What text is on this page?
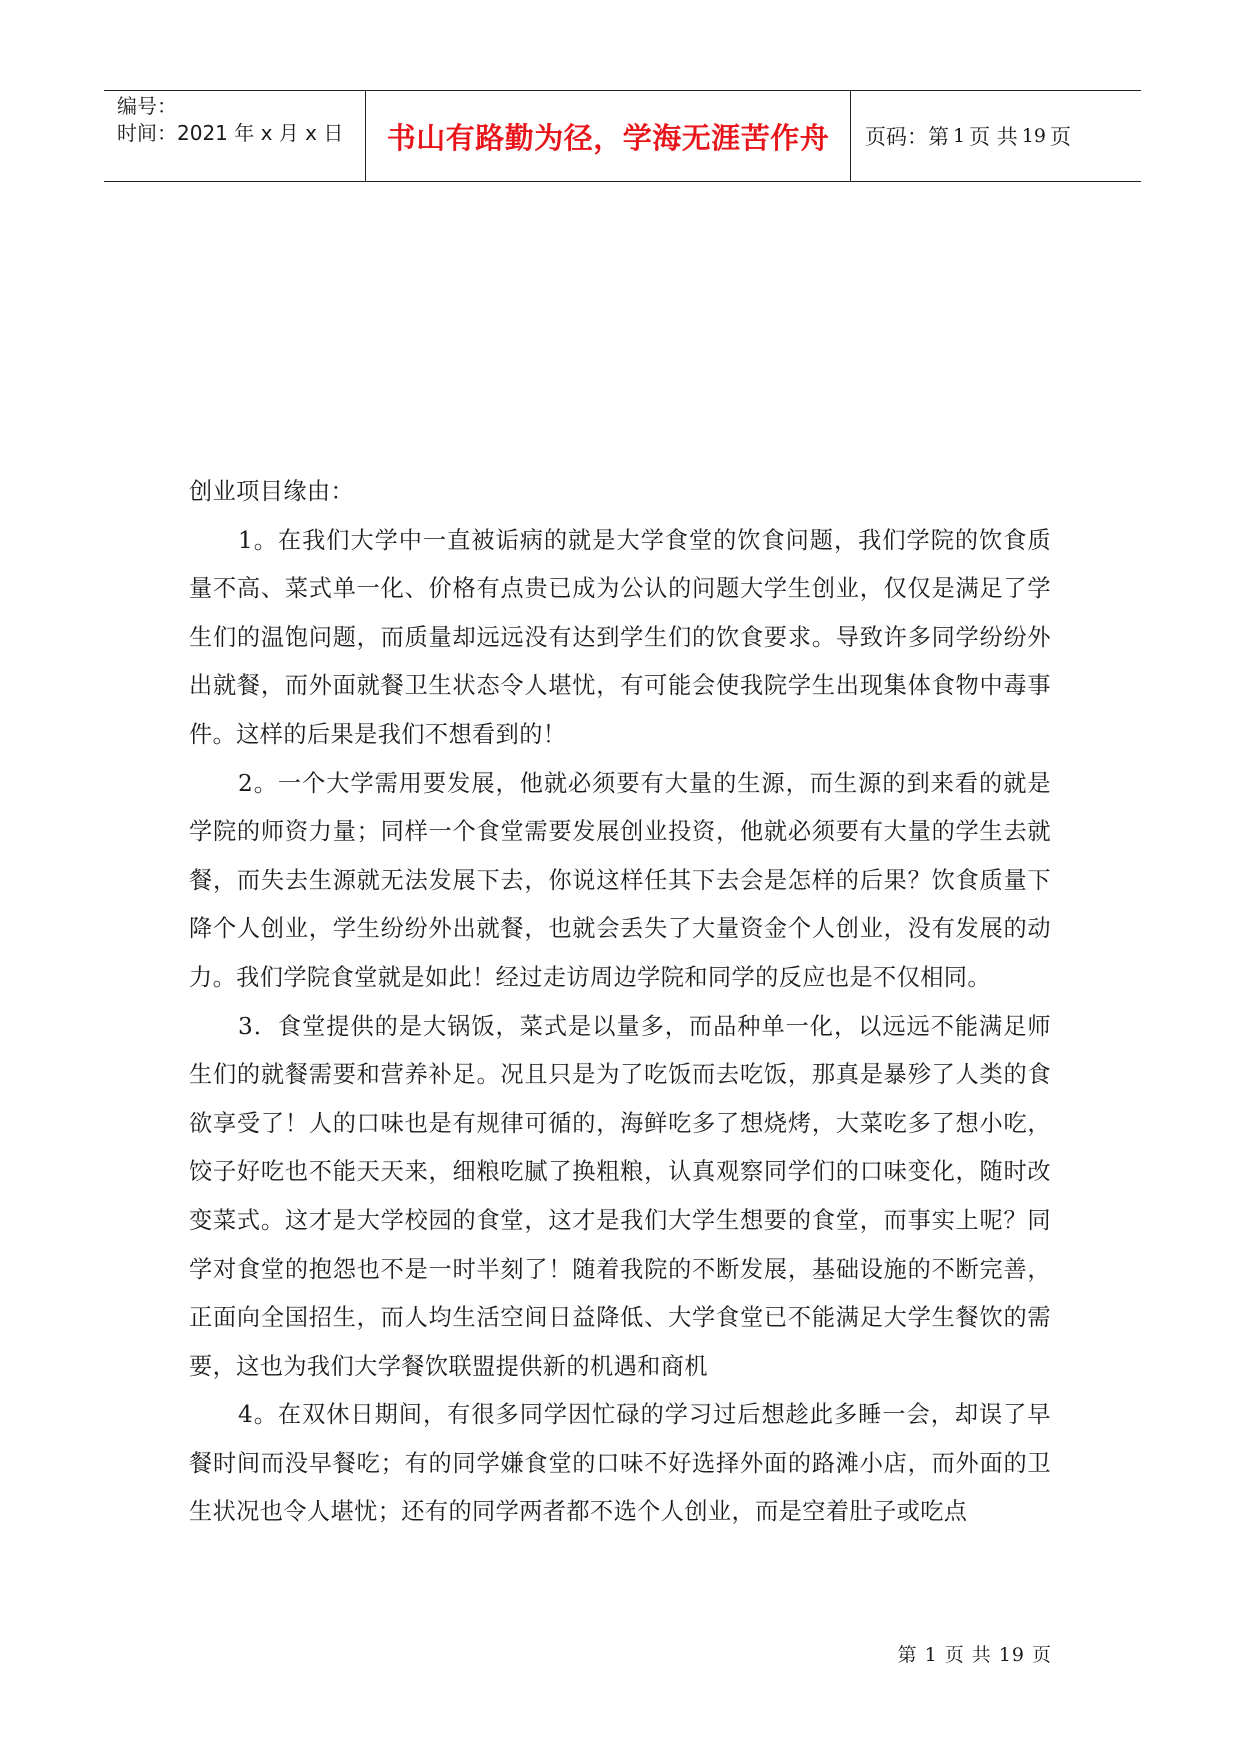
编号：
时间：2021 年 x 月 x 日	书山有路勤为径，学海无涯苦作舟	页码：第 1 页 共 19 页

创业项目缘由：

1。在我们大学中一直被诟病的就是大学食堂的饮食问题，我们学院的饮食质量不高、菜式单一化、价格有点贵已成为公认的问题大学生创业，仅仅是满足了学生们的温饱问题，而质量却远远没有达到学生们的饮食要求。导致许多同学纷纷外出就餐，而外面就餐卫生状态令人堪忧，有可能会使我院学生出现集体食物中毒事件。这样的后果是我们不想看到的！

2。一个大学需用要发展，他就必须要有大量的生源，而生源的到来看的就是学院的师资力量；同样一个食堂需要发展创业投资，他就必须要有大量的学生去就餐，而失去生源就无法发展下去，你说这样任其下去会是怎样的后果？饮食质量下降个人创业，学生纷纷外出就餐，也就会丢失了大量资金个人创业，没有发展的动力。我们学院食堂就是如此！经过走访周边学院和同学的反应也是不仅相同。

3．食堂提供的是大锅饭，菜式是以量多，而品种单一化，以远远不能满足师生们的就餐需要和营养补足。况且只是为了吃饭而去吃饭，那真是暴殄了人类的食欲享受了！人的口味也是有规律可循的，海鲜吃多了想烧烤，大菜吃多了想小吃，饺子好吃也不能天天来，细粮吃腻了换粗粮，认真观察同学们的口味变化，随时改变菜式。这才是大学校园的食堂，这才是我们大学生想要的食堂，而事实上呢？同学对食堂的抱怨也不是一时半刻了！随着我院的不断发展，基础设施的不断完善，正面向全国招生，而人均生活空间日益降低、大学食堂已不能满足大学生餐饮的需要，这也为我们大学餐饮联盟提供新的机遇和商机

4。在双休日期间，有很多同学因忙碌的学习过后想趁此多睡一会，却误了早餐时间而没早餐吃；有的同学嫌食堂的口味不好选择外面的路滩小店，而外面的卫生状况也令人堪忧；还有的同学两者都不选个人创业，而是空着肚子或吃点

第 1 页 共 19 页
